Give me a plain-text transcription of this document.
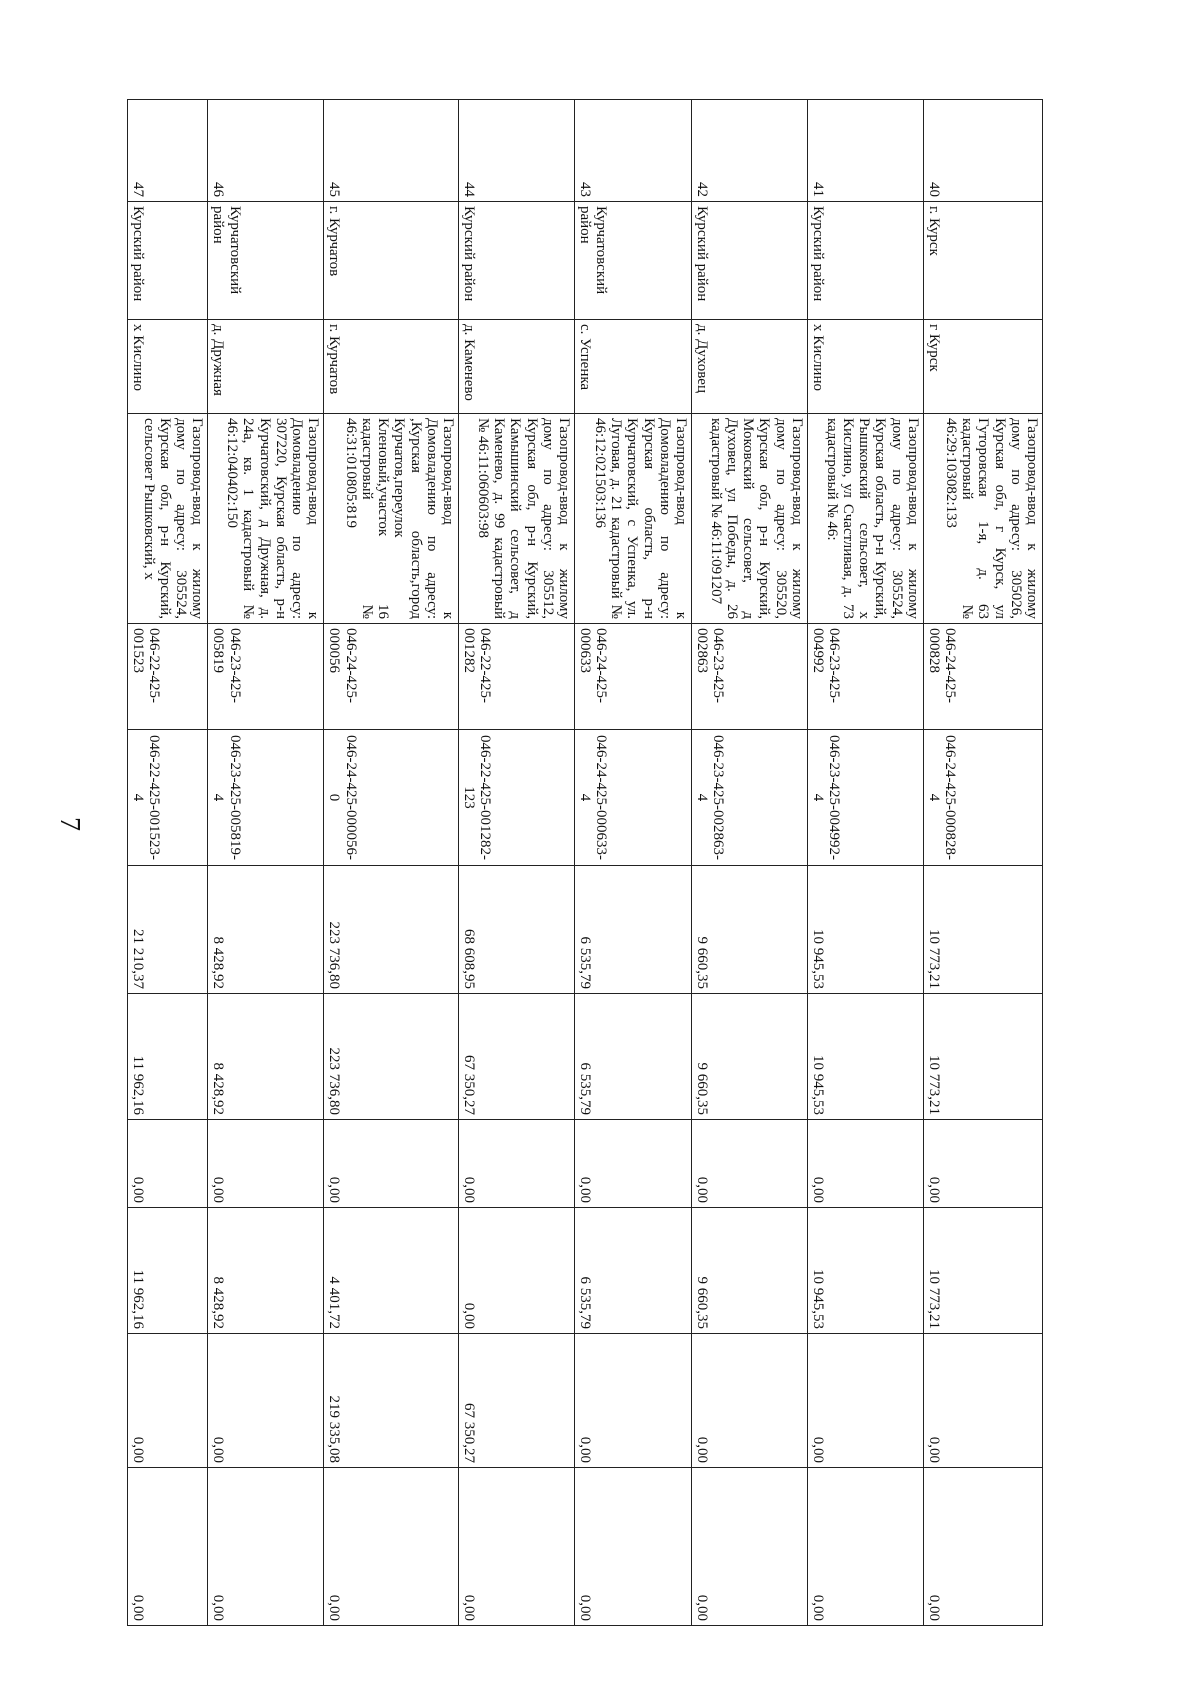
7
40	г. Курск	г Курск	Газопровод-ввод к жилому дому по адресу: 305026, Курская обл, г Курск, ул Гуторовская 1-я, д. 63 кадастровый № 46:29:103082:133	046-24-425-000828	046-24-425-000828-4	10 773,21	10 773,21	0,00	10 773,21	0,00	0,00
41	Курский район	х Кислино	Газопровод-ввод к жилому дому по адресу: 305524, Курская область, р-н Курский, Рышковский сельсовет, х Кислино, ул Счастливая, д. 73 кадастровый № 46:	046-23-425-004992	046-23-425-004992-4	10 945,53	10 945,53	0,00	10 945,53	0,00	0,00
42	Курский район	д. Духовец	Газопровод-ввод к жилому дому по адресу: 305520, Курская обл, р-н Курский, Моковский сельсовет, д Духовец, ул Победы, д. 26 кадастровый № 46:11:091207	046-23-425-002863	046-23-425-002863-4	9 660,35	9 660,35	0,00	9 660,35	0,00	0,00
43	Курчатовский район	с. Успенка	Газопровод-ввод к Домовладению по адресу: Курская область, р-н Курчатовский, с Успенка, ул. Луговая, д. 21 кадастровый № 46:12:021503:136	046-24-425-000633	046-24-425-000633-4	6 535,79	6 535,79	0,00	6 535,79	0,00	0,00
44	Курский район	д. Каменево	Газопровод-ввод к жилому дому по адресу: 305512, Курская обл, р-н Курский, Камышинский сельсовет, д Каменево, д. 99 кадастровый № 46:11:060603:98	046-22-425-001282	046-22-425-001282-123	68 608,95	67 350,27	0,00	0,00	67 350,27	0,00
45	г. Курчатов	г. Курчатов	Газопровод-ввод к Домовладению по адресу: ,Курская область,город Курчатов,переулок Кленовый,участок 16 кадастровый № 46:31:010805:819	046-24-425-000056	046-24-425-000056-0	223 736,80	223 736,80	0,00	4 401,72	219 335,08	0,00
46	Курчатовский район	д. Дружная	Газопровод-ввод к Домовладению по адресу: 307220, Курская область, р-н Курчатовский, д Дружная, д. 24а, кв. 1 кадастровый № 46:12:040402:150	046-23-425-005819	046-23-425-005819-4	8 428,92	8 428,92	0,00	8 428,92	0,00	0,00
47	Курский район	х Кислино	Газопровод-ввод к жилому дому по адресу: 305524, Курская обл, р-н Курский, сельсовет Рышковский, х	046-22-425-001523	046-22-425-001523-4	21 210,37	11 962,16	0,00	11 962,16	0,00	0,00
